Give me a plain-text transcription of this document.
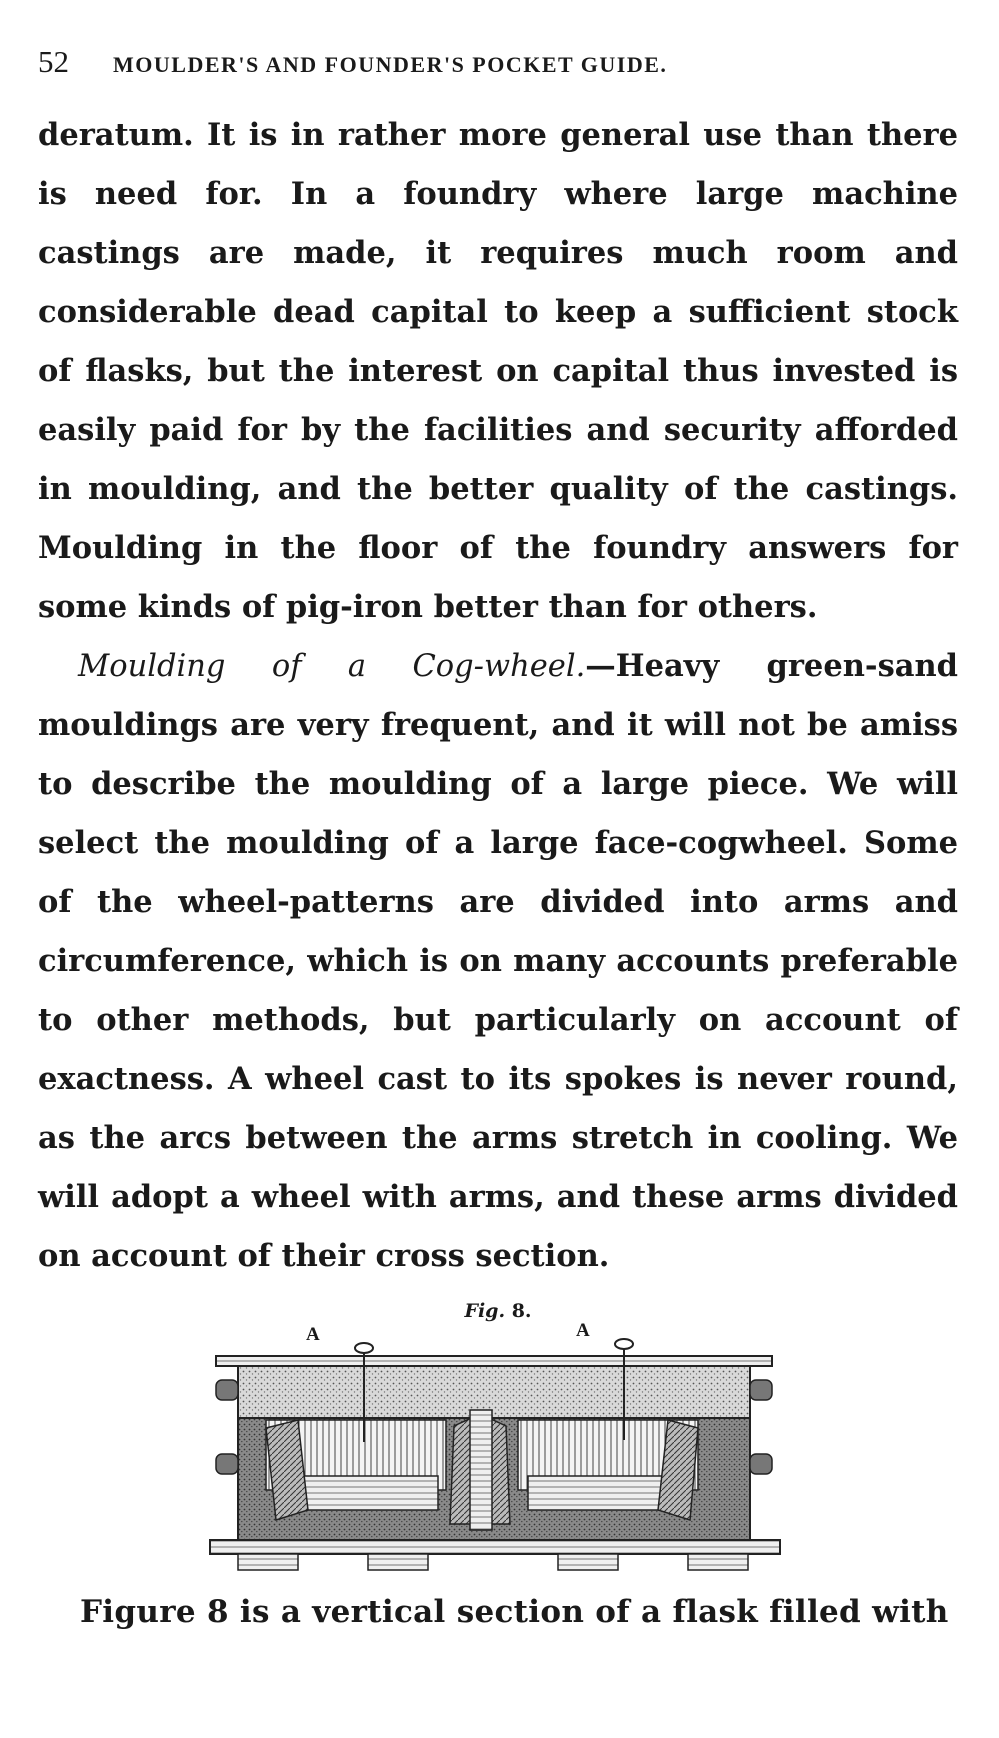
52 MOULDER'S AND FOUNDER'S POCKET GUIDE.

deratum. It is in rather more general use than there is need for. In a foundry where large machine castings are made, it requires much room and considerable dead capital to keep a sufficient stock of flasks, but the interest on capital thus invested is easily paid for by the facilities and security afforded in moulding, and the better quality of the castings. Moulding in the floor of the foundry answers for some kinds of pig-iron better than for others.

Moulding of a Cog-wheel.—Heavy green-sand mouldings are very frequent, and it will not be amiss to describe the moulding of a large piece. We will select the moulding of a large face-cogwheel. Some of the wheel-patterns are divided into arms and circumference, which is on many accounts preferable to other methods, but particularly on account of exactness. A wheel cast to its spokes is never round, as the arcs between the arms stretch in cooling. We will adopt a wheel with arms, and these arms divided on account of their cross section.

Fig. 8.
A	A
Figure 8 is a vertical section of a flask filled with
